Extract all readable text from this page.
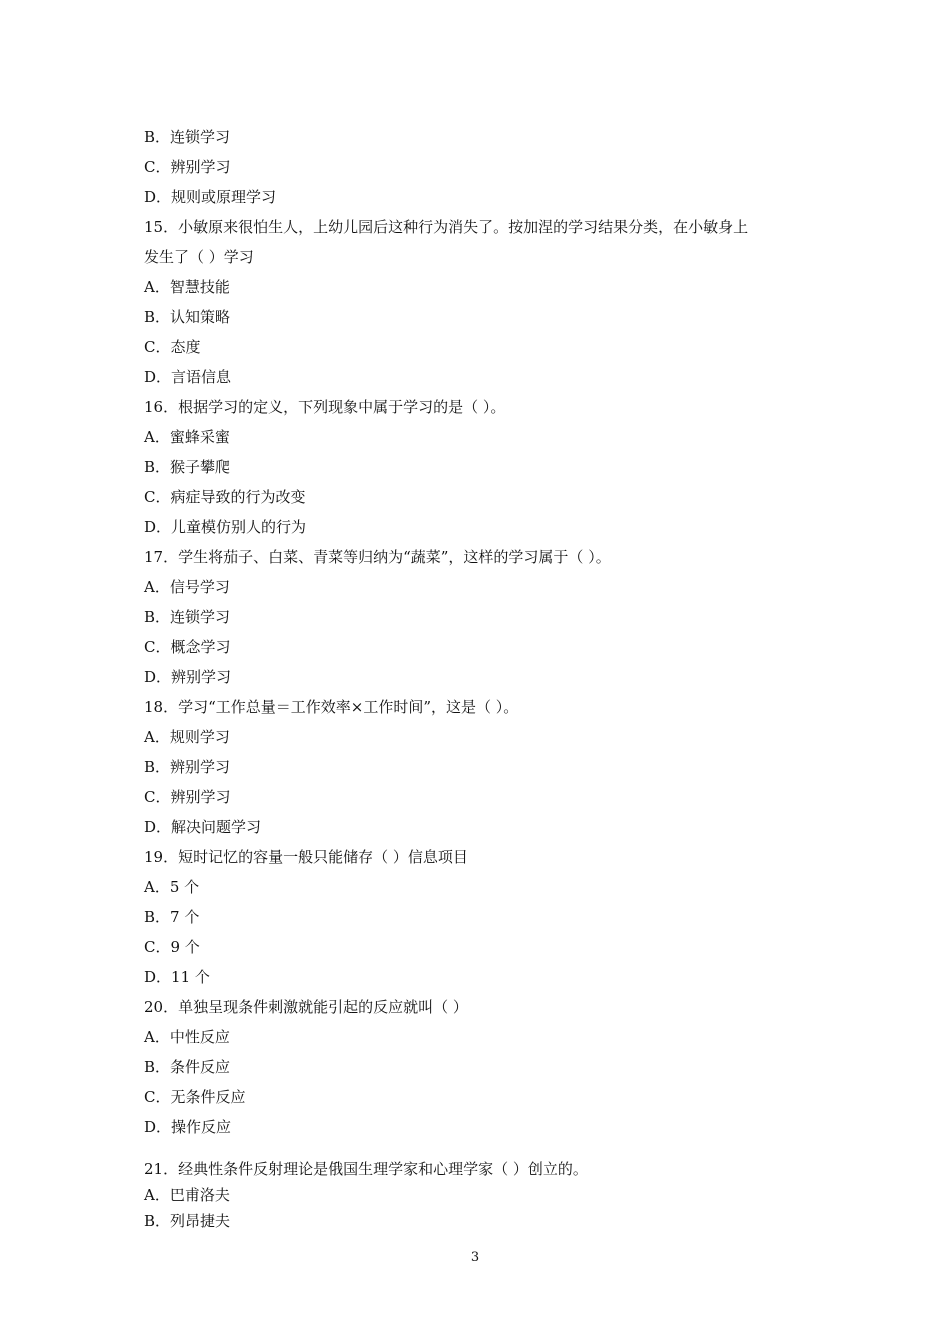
B．连锁学习
C．辨别学习
D．规则或原理学习
15．小敏原来很怕生人，上幼儿园后这种行为消失了。按加涅的学习结果分类，在小敏身上
发生了（ ）学习
A．智慧技能
B．认知策略
C．态度
D．言语信息
16．根据学习的定义，下列现象中属于学习的是（ ）。
A．蜜蜂采蜜
B．猴子攀爬
C．病症导致的行为改变
D．儿童模仿别人的行为
17．学生将茄子、白菜、青菜等归纳为“蔬菜”，这样的学习属于（ ）。
A．信号学习
B．连锁学习
C．概念学习
D．辨别学习
18．学习“工作总量＝工作效率×工作时间”，这是（ ）。
A．规则学习
B．辨别学习
C．辨别学习
D．解决问题学习
19．短时记忆的容量一般只能储存（ ）信息项目
A．5 个
B．7 个
C．9 个
D．11 个
20．单独呈现条件刺激就能引起的反应就叫（ ）
A．中性反应
B．条件反应
C．无条件反应
D．操作反应
21．经典性条件反射理论是俄国生理学家和心理学家（ ）创立的。
A．巴甫洛夫
B．列昂捷夫
3
